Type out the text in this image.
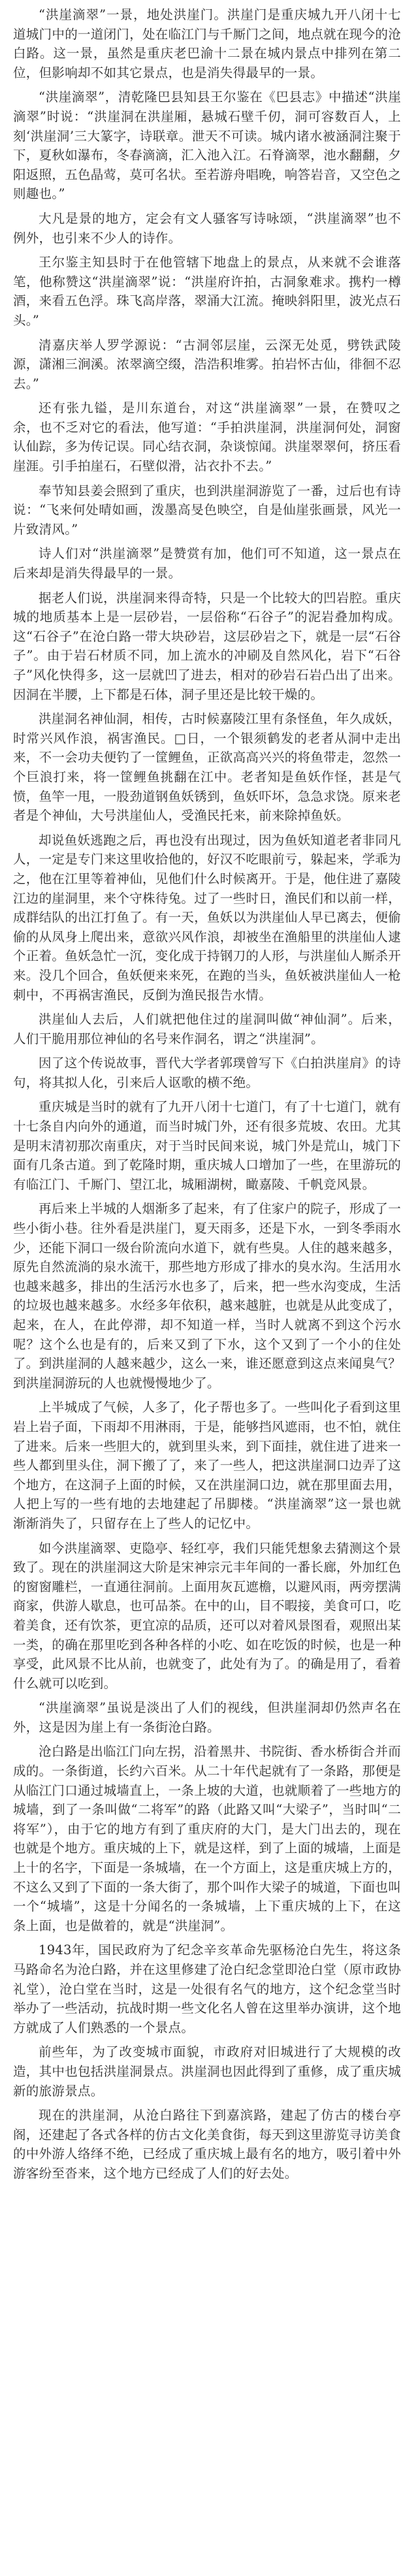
“洪崖滴翠”一景，地处洪崖门。洪崖门是重庆城九开八闭十七道城门中的一道闭门，处在临江门与千厮门之间，地点就在现今的沧白路。这一景，虽然是重庆老巴渝十二景在城内景点中排列在第二位，但影响却不如其它景点，也是消失得最早的一景。

“洪崖滴翠”，清乾隆巴县知县王尔鉴在《巴县志》中描述“洪崖滴翠”时说：“洪崖洞在洪崖厢，悬城石壁千仞，洞可容数百人，上刻‘洪崖洞’三大篆字，诗联章。泄天不可读。城内诸水被涵洞注聚于下，夏秋如瀑布，冬春滴滴，汇入池入江。石脊滴翠，池水翻翻，夕阳返照，五色晶莺，莫可名状。至若游舟唱晚，响答岩音，又空色之则趣也。”

大凡是景的地方，定会有文人骚客写诗咏颂，“洪崖滴翠”也不例外，也引来不少人的诗作。

王尔鉴主知县时于在他管辖下地盘上的景点，从来就不会谁落笔，他称赞这“洪崖滴翠”说：“洪崖府许拍，古洞象难求。携杓一樽酒，来看五色浮。珠飞高岸落，翠涌大江流。掩映斜阳里，波光点石头。”

清嘉庆举人罗学源说：“古洞邻层崖，云深无处觅，劈铁武陵源，潇湘三涧溪。浓翠滴空缀，浩浩积堆雾。拍岩怀古仙，徘徊不忍去。”

还有张九镒，是川东道台，对这“洪崖滴翠”一景，在赞叹之余，也不乏对它的看法，他写道：“手拍洪崖洞，洪崖洞何处，洞窗认仙踪，多为传记误。同心结衣洞，杂谈惊闻。洪崖翠翠何，挤压看崖涯。引手拍崖石，石壁似滑，沾衣扑不去。”

奉节知县姜会照到了重庆，也到洪崖洞游览了一番，过后也有诗说：“飞来何处晴如画，泼墨高旻色映空，自是仙崖张画景，风光一片致清风。”

诗人们对“洪崖滴翠”是赞赏有加，他们可不知道，这一景点在后来却是消失得最早的一景。

据老人们说，洪崖洞来得奇特，只是一个比较大的凹岩腔。重庆城的地质基本上是一层砂岩，一层俗称“石谷子”的泥岩叠加构成。这“石谷子”在沧白路一带大块砂岩，这层砂岩之下，就是一层“石谷子”。由于岩石材质不同，加上流水的冲刷及自然风化，岩下“石谷子”风化快得多，这一层就凹了进去，相对的砂岩石岩凸出了出来。因洞在半腰，上下都是石体，洞子里还是比较干燥的。

洪崖洞名神仙洞，相传，古时候嘉陵江里有条怪鱼，年久成妖，时常兴风作浪，祸害渔民。□日，一个银须鹤发的老者从洞中走出来，不一会功夫便钓了一筐鲤鱼，正欲高高兴兴的将鱼带走，忽然一个巨浪打来，将一筐鲤鱼挑翻在江中。老者知是鱼妖作怪，甚是气愤，鱼竿一甩，一股劲道钢鱼妖锈到，鱼妖吓坏，急急求饶。原来老者是个神仙，大号洪崖仙人，受渔民托来，前来除掉鱼妖。

却说鱼妖逃跑之后，再也没有出现过，因为鱼妖知道老者非同凡人，一定是专门来这里收拾他的，好汉不吃眼前亏，躲起来，学乖为之，他在江里等着神仙，见他们什么时候离开。于是，他住进了嘉陵江边的崖洞里，来个守株待兔。过了一些时日，渔民们和以前一样，成群结队的出江打鱼了。有一天，鱼妖以为洪崖仙人早已离去，便偷偷的从凤身上爬出来，意欲兴风作浪，却被坐在渔船里的洪崖仙人逮个正着。鱼妖急忙一沉，变化成于持钢刀的人形，与洪崖仙人厮杀开来。没几个回合，鱼妖便来来死，在跑的当头，鱼妖被洪崖仙人一枪刺中，不再祸害渔民，反倒为渔民报告水情。

洪崖仙人去后，人们就把他住过的崖洞叫做“神仙洞”。后来，人们干脆用那位神仙的名号来作洞名，谓之“洪崖洞”。

因了这个传说故事，晋代大学者郭璞曾写下《白拍洪崖肩》的诗句，将其拟人化，引来后人讴歌的横不绝。

重庆城是当时的就有了九开八闭十七道门，有了十七道门，就有十七条自内向外的通道，而当时城门外，还有很多荒坡、农田。尤其是明末清初那次南重庆，对于当时民间来说，城门外是荒山，城门下面有几条古道。到了乾隆时期，重庆城人口增加了一些，在里游玩的有临江门、千厮门、望江北，城厢湖树，瞰嘉陵、千帆竞风景。

再后来上半城的人烟渐多了起来，有了住家户的院子，形成了一些小街小巷。往外看是洪崖门，夏天雨多，还是下水，一到冬季雨水少，还能下洞口一级台阶流向水道下，就有些臭。人住的越来越多，原先自然流淌的泉水流干，那些地方形成了排水的臭水沟。生活用水也越来越多，排出的生活污水也多了，后来，把一些水沟变成，生活的垃圾也越来越多。水经多年依积，越来越脏，也就是从此变成了，起来，在人，在此停滞，却不知道一样，当时人就离不到这个污水呢？这个么也是有的，后来又到了下水，这个又到了一个小的住处了。到洪崖洞的人越来越少，这么一来，谁还愿意到这点来闻臭气？到洪崖洞游玩的人也就慢慢地少了。

上半城成了气候，人多了，化子帮也多了。一些叫化子看到这里岩上岩子面，下雨却不用淋雨，于是，能够挡风遮雨，也不怕，就住了进来。后来一些胆大的，就到里头来，到下面挂，就住进了进来一些人都到里头住，洞下搬了了，来了一些人，把这洪崖洞口边弄了这个地方，在这洞子上面的时候，又在洪崖洞口边，就在那里面去用，人把上写的一些有地的去地建起了吊脚楼。“洪崖滴翠”这一景也就渐渐消失了，只留存在上了些人的记忆中。

如今洪崖滴翠、吏隐亭、轻红亭，我们只能凭想象去猜测这个景致了。现在的洪崖洞这大阶是宋神宗元丰年间的一番长廊，外加红色的窗窗雕栏，一直通往洞前。上面用灰瓦遮檐，以避风雨，两旁摆满商家，供游人歇息，也可品茶。在中的山，目不暇接，美食可口，吃着美食，还有饮茶，更宜凉的品质，还可以对着风景图看，观照出某一类，的确在那里吃到各种各样的小吃、如在吃饭的时候，也是一种享受，此风景不比从前，也就变了，此处有为了。的确是用了，看着什么就可以吃到。

“洪崖滴翠”虽说是淡出了人们的视线，但洪崖洞却仍然声名在外，这是因为崖上有一条街沧白路。

沧白路是出临江门向左拐，沿着黑井、书院街、香水桥街合并而成的。一条街道，长约六百米。从二十年代起就有了一条路，那便是从临江门口通过城墙直上，一条上坡的大道，也就顺着了一些地方的城墙，到了一条叫做“二将军”的路（此路又叫“大梁子”，当时叫“二将军”），由于它的地方有到了重庆府的大门，是大门出去的，现在也就是个地方。重庆城的上下，就是这样，到了上面的城墙，上面是上十的名字，下面是一条城墙，在一个方面上，这是重庆城上方的，不这么又到了下面的一条大街了，那个叫作大梁子的城道，下面也叫一个“城墙”，这是十分闻名的一条城墙，上下重庆城的上下，在这条上面，也是做着的，就是“洪崖洞”。

1943年，国民政府为了纪念辛亥革命先驱杨沧白先生，将这条马路命名为沧白路，并在这里修建了沧白纪念堂即沧白堂（原市政协礼堂），沧白堂在当时，这是一处很有名气的地方，这个纪念堂当时举办了一些活动，抗战时期一些文化名人曾在这里举办演讲，这个地方就成了人们熟悉的一个景点。

前些年，为了改变城市面貌，市政府对旧城进行了大规模的改造，其中也包括洪崖洞景点。洪崖洞也因此得到了重修，成了重庆城新的旅游景点。

现在的洪崖洞，从沧白路往下到嘉滨路，建起了仿古的楼台亭阁，还建起了各式各样的仿古文化美食街，每天到这里游览寻访美食的中外游人络绎不绝，已经成了重庆城上最有名的地方，吸引着中外游客纷至沓来，这个地方已经成了人们的好去处。
